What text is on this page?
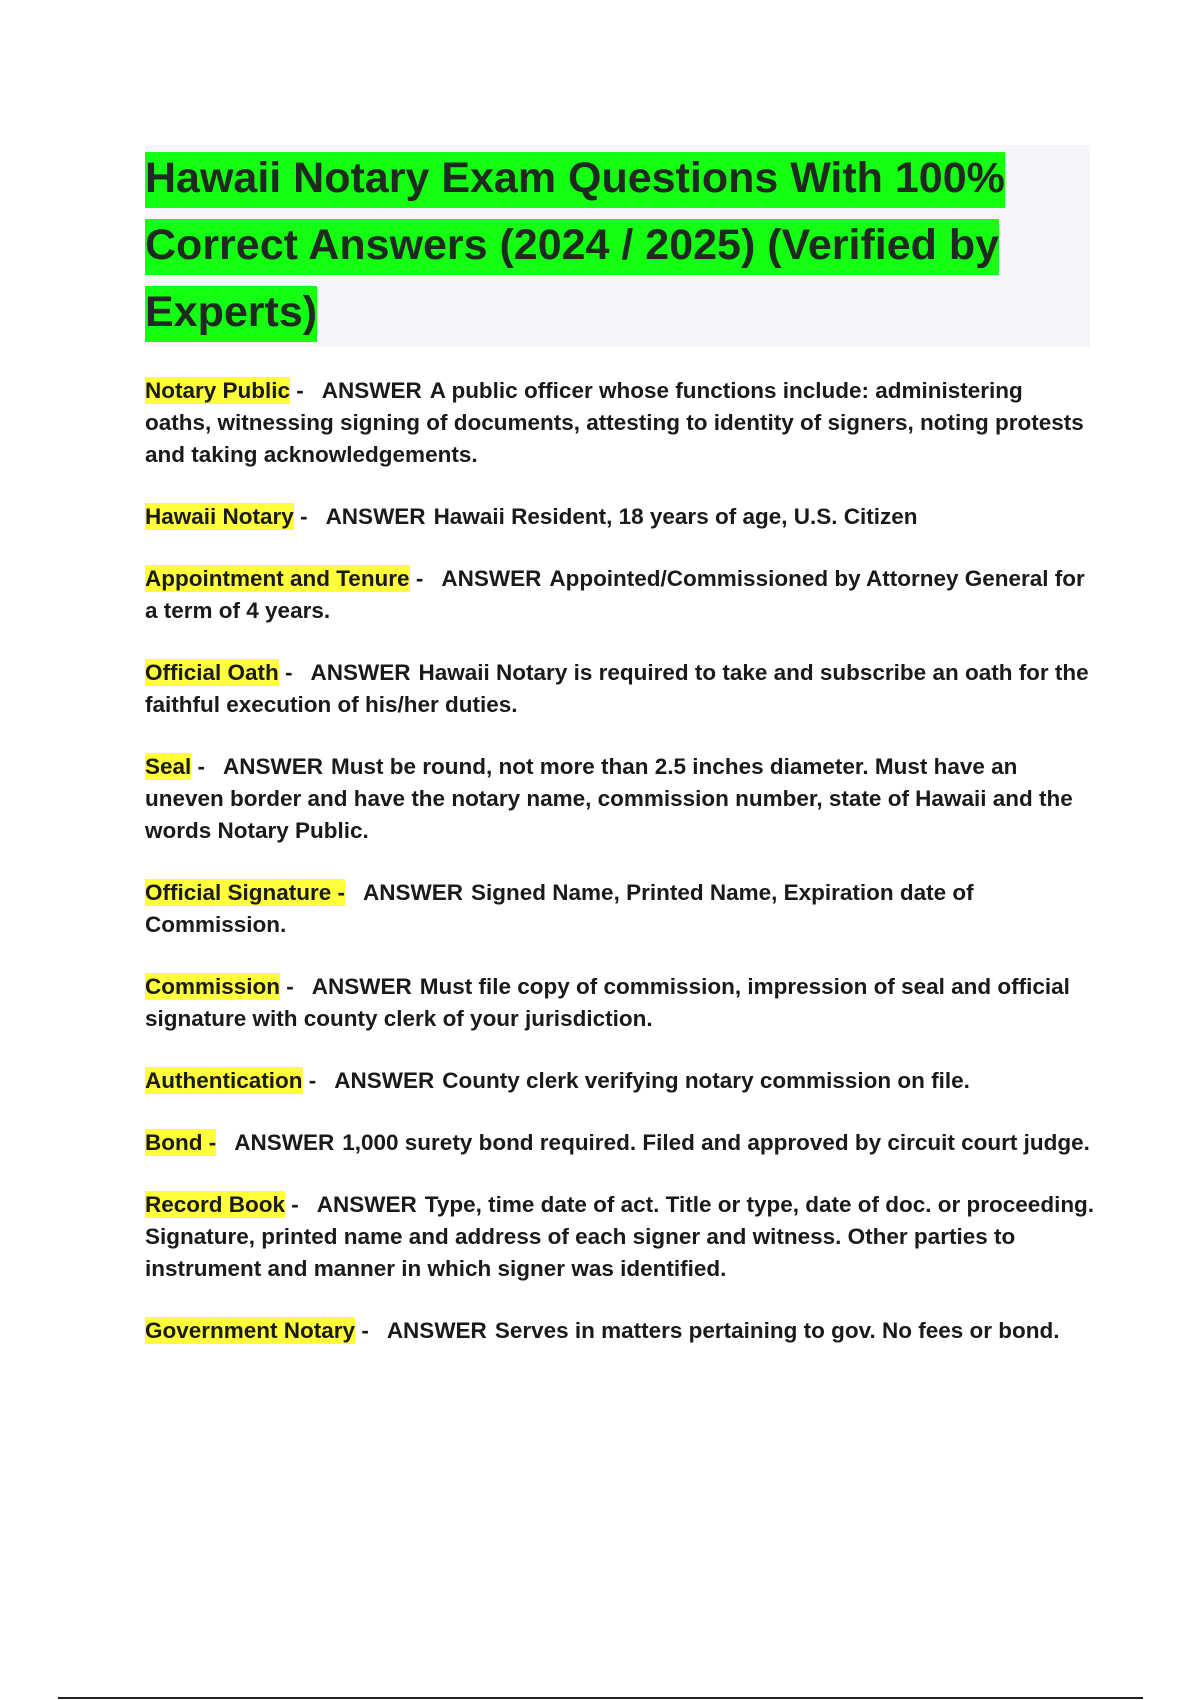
Hawaii Notary Exam Questions With 100% Correct Answers (2024 / 2025) (Verified by Experts)

Notary Public - ANSWER A public officer whose functions include: administering oaths, witnessing signing of documents, attesting to identity of signers, noting protests and taking acknowledgements.

Hawaii Notary - ANSWER Hawaii Resident, 18 years of age, U.S. Citizen

Appointment and Tenure - ANSWER Appointed/Commissioned by Attorney General for a term of 4 years.

Official Oath - ANSWER Hawaii Notary is required to take and subscribe an oath for the faithful execution of his/her duties.

Seal - ANSWER Must be round, not more than 2.5 inches diameter. Must have an uneven border and have the notary name, commission number, state of Hawaii and the words Notary Public.

Official Signature - ANSWER Signed Name, Printed Name, Expiration date of Commission.

Commission - ANSWER Must file copy of commission, impression of seal and official signature with county clerk of your jurisdiction.

Authentication - ANSWER County clerk verifying notary commission on file.

Bond - ANSWER 1,000 surety bond required. Filed and approved by circuit court judge.

Record Book - ANSWER Type, time date of act. Title or type, date of doc. or proceeding. Signature, printed name and address of each signer and witness. Other parties to instrument and manner in which signer was identified.

Government Notary - ANSWER Serves in matters pertaining to gov. No fees or bond.
